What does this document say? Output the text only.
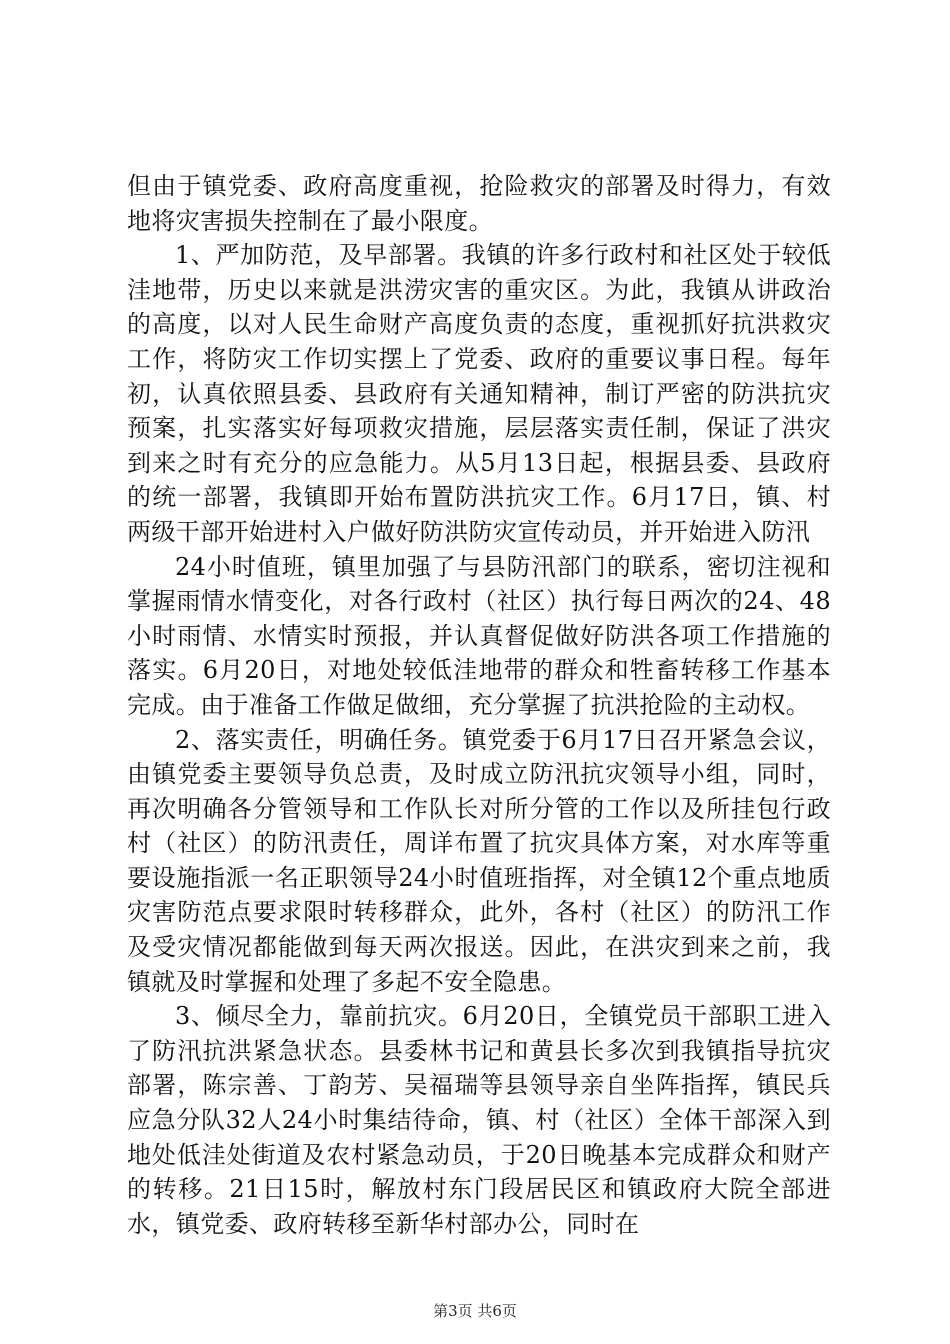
但由于镇党委、政府高度重视，抢险救灾的部署及时得力，有效地将灾害损失控制在了最小限度。

1、严加防范，及早部署。我镇的许多行政村和社区处于较低洼地带，历史以来就是洪涝灾害的重灾区。为此，我镇从讲政治的高度，以对人民生命财产高度负责的态度，重视抓好抗洪救灾工作，将防灾工作切实摆上了党委、政府的重要议事日程。每年初，认真依照县委、县政府有关通知精神，制订严密的防洪抗灾预案，扎实落实好每项救灾措施，层层落实责任制，保证了洪灾到来之时有充分的应急能力。从5月13日起，根据县委、县政府的统一部署，我镇即开始布置防洪抗灾工作。6月17日，镇、村两级干部开始进村入户做好防洪防灾宣传动员，并开始进入防汛

24小时值班，镇里加强了与县防汛部门的联系，密切注视和掌握雨情水情变化，对各行政村（社区）执行每日两次的24、48小时雨情、水情实时预报，并认真督促做好防洪各项工作措施的落实。6月20日，对地处较低洼地带的群众和牲畜转移工作基本完成。由于准备工作做足做细，充分掌握了抗洪抢险的主动权。

2、落实责任，明确任务。镇党委于6月17日召开紧急会议，由镇党委主要领导负总责，及时成立防汛抗灾领导小组，同时，再次明确各分管领导和工作队长对所分管的工作以及所挂包行政村（社区）的防汛责任，周详布置了抗灾具体方案，对水库等重要设施指派一名正职领导24小时值班指挥，对全镇12个重点地质灾害防范点要求限时转移群众，此外，各村（社区）的防汛工作及受灾情况都能做到每天两次报送。因此，在洪灾到来之前，我镇就及时掌握和处理了多起不安全隐患。

3、倾尽全力，靠前抗灾。6月20日，全镇党员干部职工进入了防汛抗洪紧急状态。县委林书记和黄县长多次到我镇指导抗灾部署，陈宗善、丁韵芳、吴福瑞等县领导亲自坐阵指挥，镇民兵应急分队32人24小时集结待命，镇、村（社区）全体干部深入到地处低洼处街道及农村紧急动员，于20日晚基本完成群众和财产的转移。21日15时，解放村东门段居民区和镇政府大院全部进水，镇党委、政府转移至新华村部办公，同时在

第3页 共6页
